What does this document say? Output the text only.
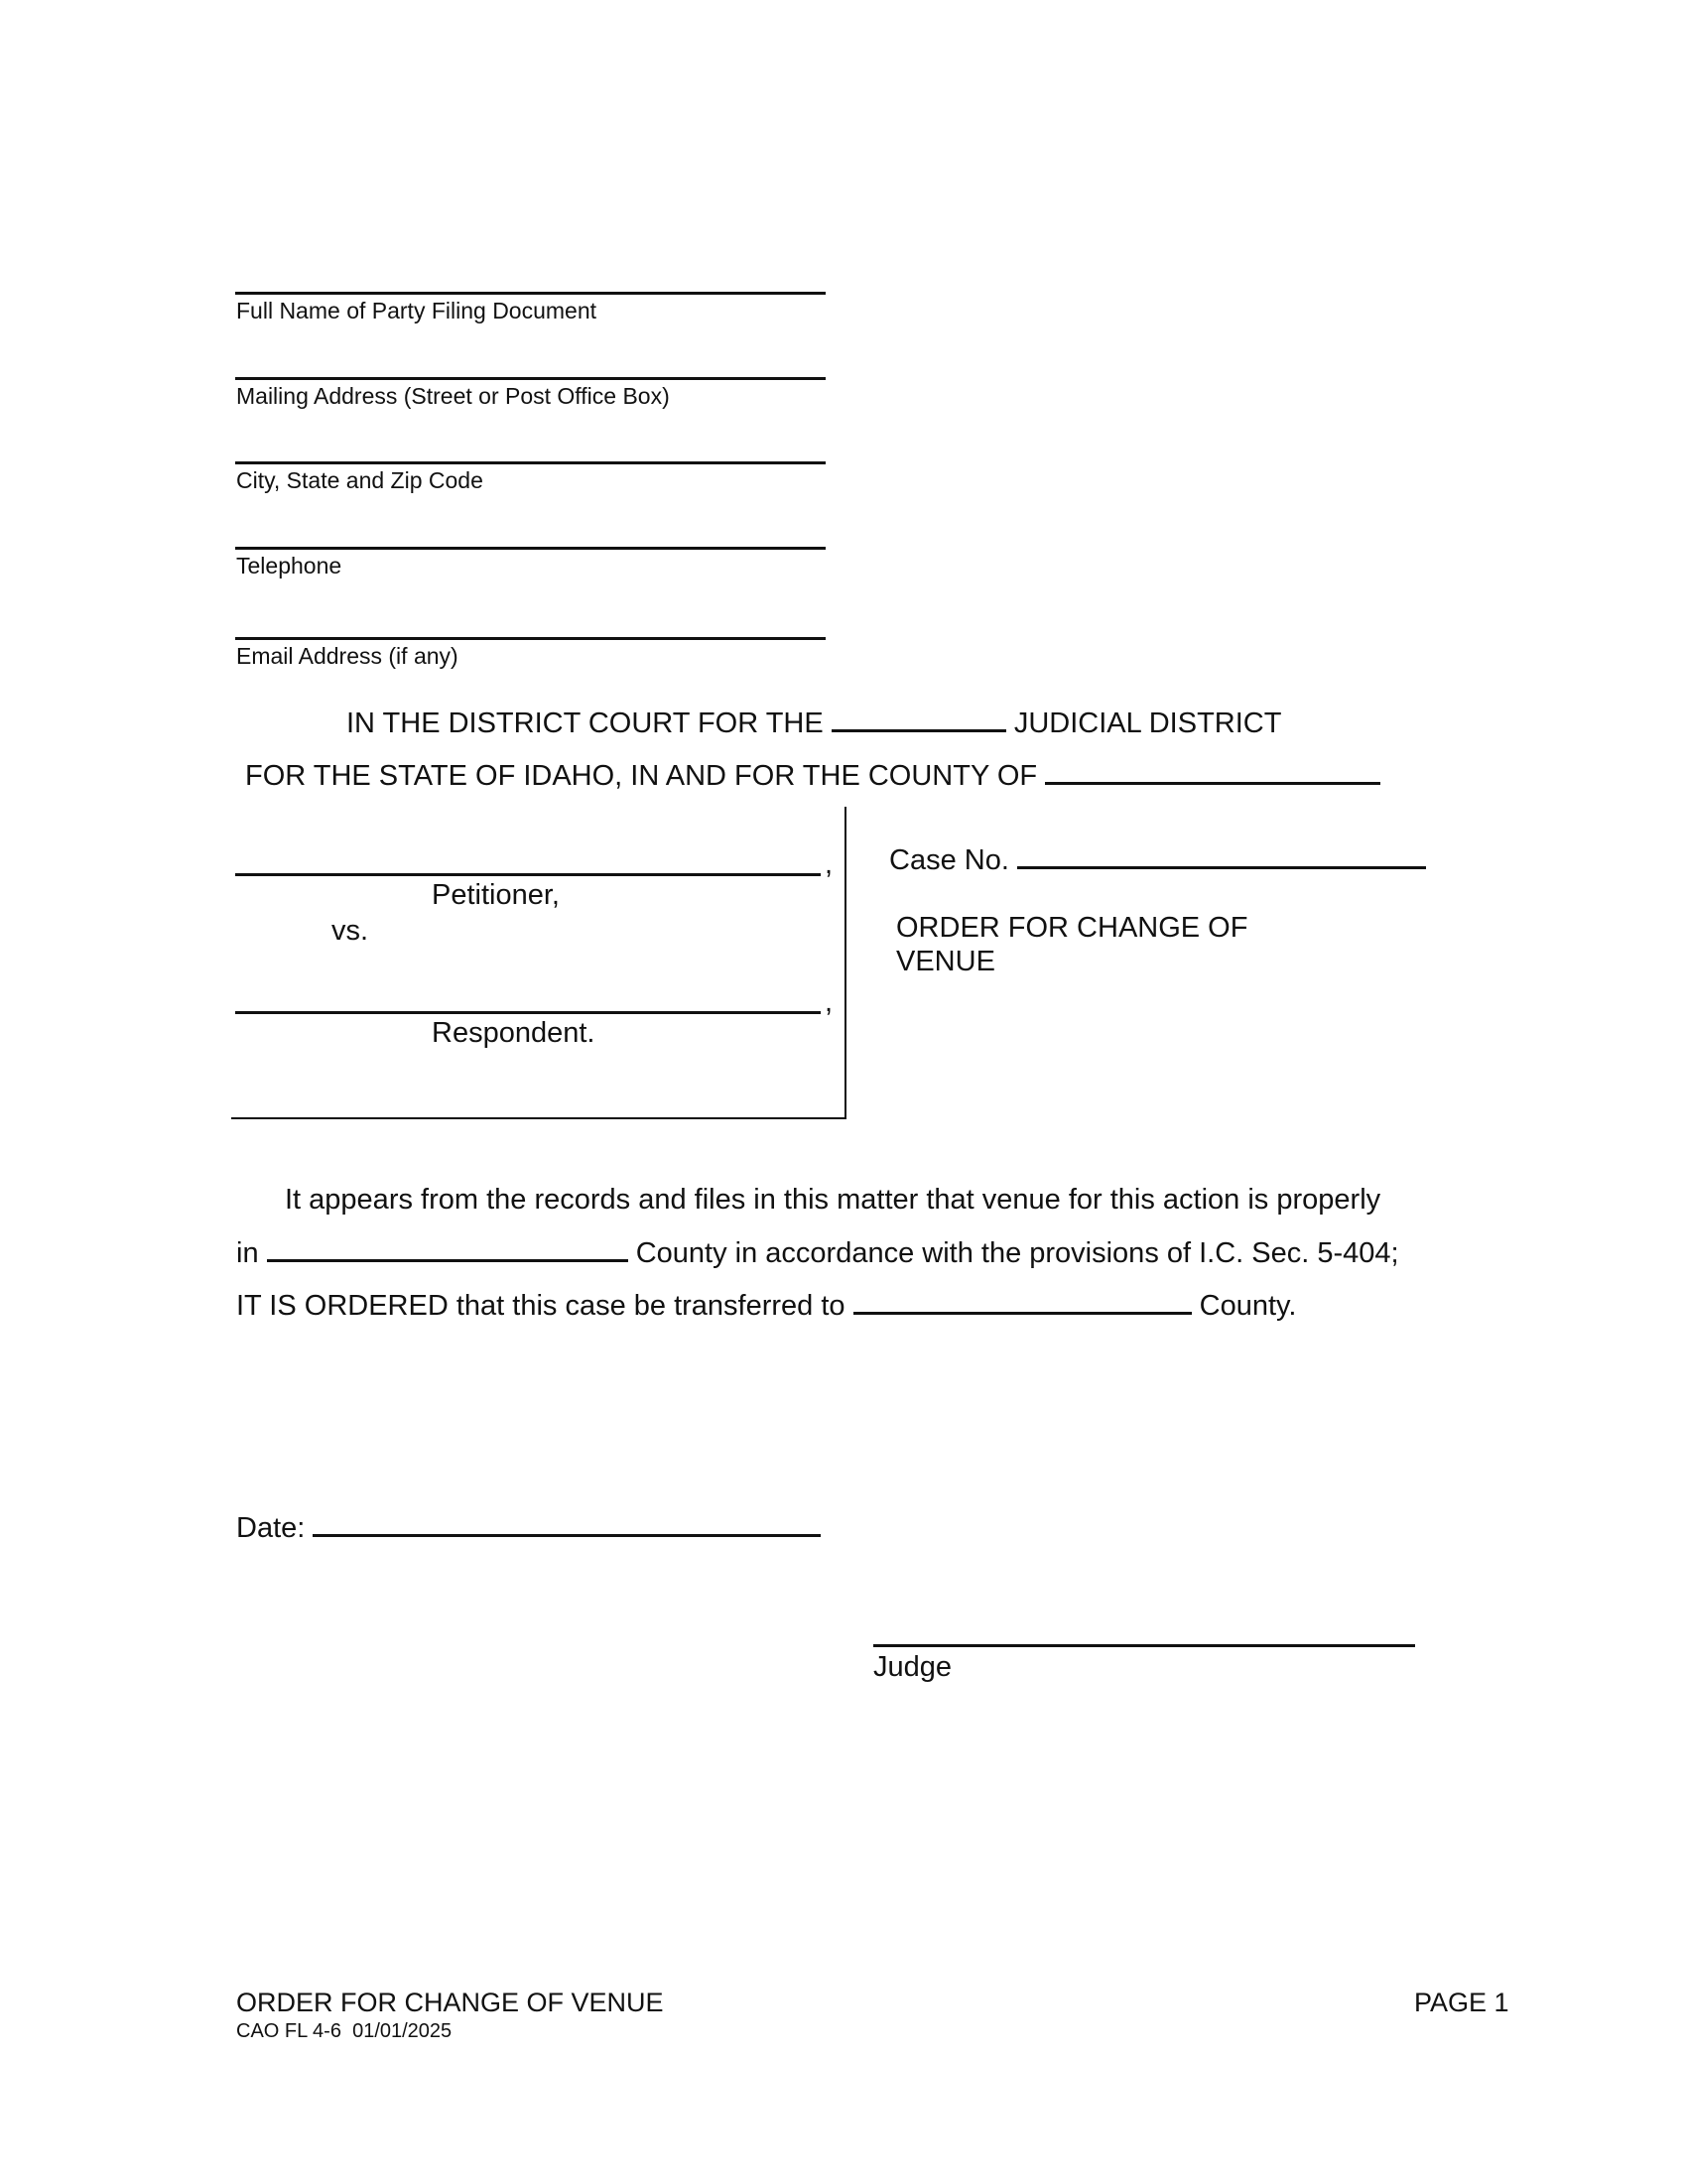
Full Name of Party Filing Document
Mailing Address (Street or Post Office Box)
City, State and Zip Code
Telephone
Email Address (if any)
IN THE DISTRICT COURT FOR THE	JUDICIAL DISTRICT
FOR THE STATE OF IDAHO, IN AND FOR THE COUNTY OF
,
Petitioner,
vs.
,
Respondent.
Case No.
ORDER FOR CHANGE OF
VENUE
It appears from the records and files in this matter that venue for this action is properly
in	County in accordance with the provisions of I.C. Sec. 5-404;
IT IS ORDERED that this case be transferred to	County.
Date:
Judge
ORDER FOR CHANGE OF VENUE
CAO FL 4-6  01/01/2025
PAGE 1
